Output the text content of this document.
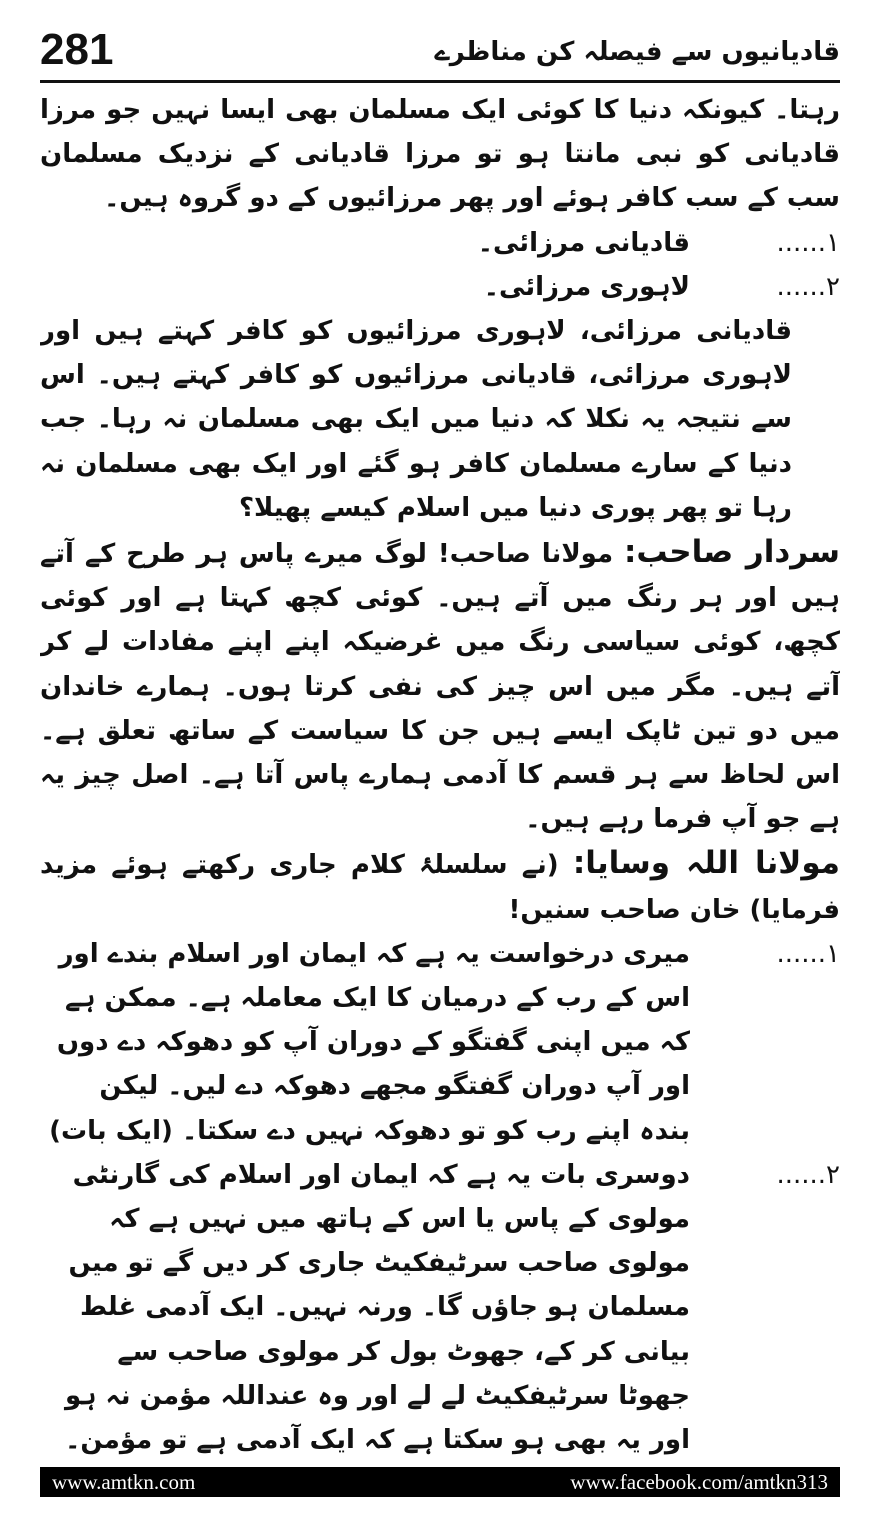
281	قادیانیوں سے فیصلہ کن مناظرے

رہتا۔ کیونکہ دنیا کا کوئی ایک مسلمان بھی ایسا نہیں جو مرزا قادیانی کو نبی مانتا ہو تو مرزا قادیانی کے نزدیک مسلمان سب کے سب کافر ہوئے اور پھر مرزائیوں کے دو گروہ ہیں۔

۱......
قادیانی مرزائی۔
۲......
لاہوری مرزائی۔

قادیانی مرزائی، لاہوری مرزائیوں کو کافر کہتے ہیں اور لاہوری مرزائی، قادیانی مرزائیوں کو کافر کہتے ہیں۔ اس سے نتیجہ یہ نکلا کہ دنیا میں ایک بھی مسلمان نہ رہا۔ جب دنیا کے سارے مسلمان کافر ہو گئے اور ایک بھی مسلمان نہ رہا تو پھر پوری دنیا میں اسلام کیسے پھیلا؟

سردار صاحب: مولانا صاحب! لوگ میرے پاس ہر طرح کے آتے ہیں اور ہر رنگ میں آتے ہیں۔ کوئی کچھ کہتا ہے اور کوئی کچھ، کوئی سیاسی رنگ میں غرضیکہ اپنے اپنے مفادات لے کر آتے ہیں۔ مگر میں اس چیز کی نفی کرتا ہوں۔ ہمارے خاندان میں دو تین ٹاپک ایسے ہیں جن کا سیاست کے ساتھ تعلق ہے۔ اس لحاظ سے ہر قسم کا آدمی ہمارے پاس آتا ہے۔ اصل چیز یہ ہے جو آپ فرما رہے ہیں۔

مولانا اللہ وسایا: (نے سلسلۂ کلام جاری رکھتے ہوئے مزید فرمایا) خان صاحب سنیں!

۱......
میری درخواست یہ ہے کہ ایمان اور اسلام بندے اور اس کے رب کے درمیان کا ایک معاملہ ہے۔ ممکن ہے کہ میں اپنی گفتگو کے دوران آپ کو دھوکہ دے دوں اور آپ دوران گفتگو مجھے دھوکہ دے لیں۔ لیکن بندہ اپنے رب کو تو دھوکہ نہیں دے سکتا۔ (ایک بات)
۲......
دوسری بات یہ ہے کہ ایمان اور اسلام کی گارنٹی مولوی کے پاس یا اس کے ہاتھ میں نہیں ہے کہ مولوی صاحب سرٹیفکیٹ جاری کر دیں گے تو میں مسلمان ہو جاؤں گا۔ ورنہ نہیں۔ ایک آدمی غلط بیانی کر کے، جھوٹ بول کر مولوی صاحب سے جھوٹا سرٹیفکیٹ لے لے اور وہ عنداللہ مؤمن نہ ہو اور یہ بھی ہو سکتا ہے کہ ایک آدمی ہے تو مؤمن۔
www.amtkn.com	www.facebook.com/amtkn313
